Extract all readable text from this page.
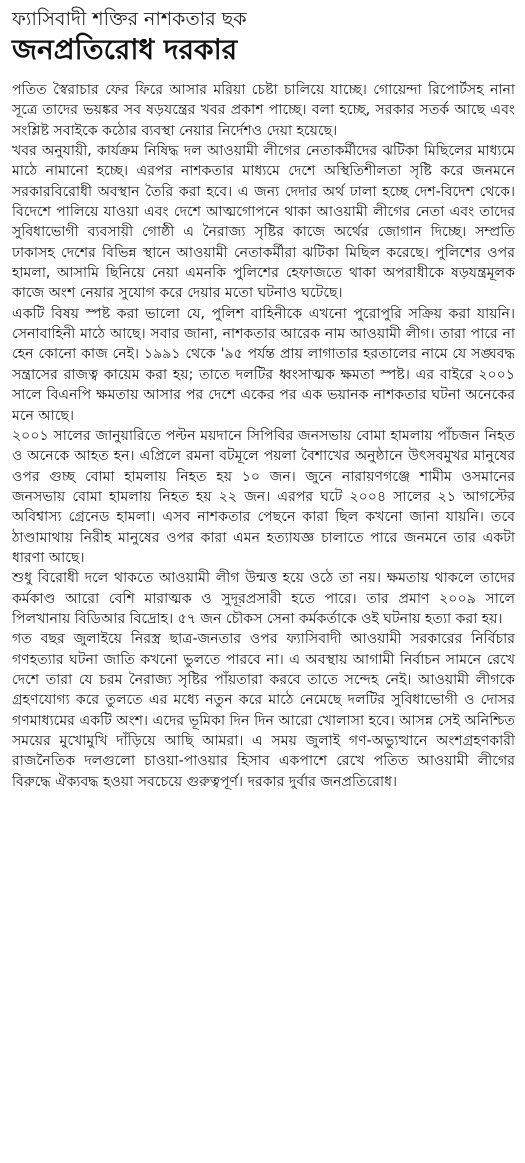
ফ্যাসিবাদী শক্তির নাশকতার ছক
জনপ্রতিরোধ দরকার

পতিত স্বৈরাচার ফের ফিরে আসার মরিয়া চেষ্টা চালিয়ে যাচ্ছে। গোয়েন্দা রিপোর্টসহ নানা সূত্রে তাদের ভয়ঙ্কর সব ষড়যন্ত্রের খবর প্রকাশ পাচ্ছে। বলা হচ্ছে, সরকার সতর্ক আছে এবং সংশ্লিষ্ট সবাইকে কঠোর ব্যবস্থা নেয়ার নির্দেশও দেয়া হয়েছে।

খবর অনুযায়ী, কার্যক্রম নিষিদ্ধ দল আওয়ামী লীগের নেতাকর্মীদের ঝটিকা মিছিলের মাধ্যমে মাঠে নামানো হচ্ছে। এরপর নাশকতার মাধ্যমে দেশে অস্থিতিশীলতা সৃষ্টি করে জনমনে সরকারবিরোধী অবস্থান তৈরি করা হবে। এ জন্য দেদার অর্থ ঢালা হচ্ছে দেশ-বিদেশ থেকে। বিদেশে পালিয়ে যাওয়া এবং দেশে আত্মগোপনে থাকা আওয়ামী লীগের নেতা এবং তাদের সুবিধাভোগী ব্যবসায়ী গোষ্ঠী এ নৈরাজ্য সৃষ্টির কাজে অর্থের জোগান দিচ্ছে। সম্প্রতি ঢাকাসহ দেশের বিভিন্ন স্থানে আওয়ামী নেতাকর্মীরা ঝটিকা মিছিল করেছে। পুলিশের ওপর হামলা, আসামি ছিনিয়ে নেয়া এমনকি পুলিশের হেফাজতে থাকা অপরাধীকে ষড়যন্ত্রমূলক কাজে অংশ নেয়ার সুযোগ করে দেয়ার মতো ঘটনাও ঘটেছে।

একটি বিষয় স্পষ্ট করা ভালো যে, পুলিশ বাহিনীকে এখনো পুরোপুরি সক্রিয় করা যায়নি। সেনাবাহিনী মাঠে আছে। সবার জানা, নাশকতার আরেক নাম আওয়ামী লীগ। তারা পারে না হেন কোনো কাজ নেই। ১৯৯১ থেকে '৯৫ পর্যন্ত প্রায় লাগাতার হরতালের নামে যে সঙ্ঘবদ্ধ সন্ত্রাসের রাজত্ব কায়েম করা হয়; তাতে দলটির ধ্বংসাত্মক ক্ষমতা স্পষ্ট। এর বাইরে ২০০১ সালে বিএনপি ক্ষমতায় আসার পর দেশে একের পর এক ভয়ানক নাশকতার ঘটনা অনেকের মনে আছে।

২০০১ সালের জানুয়ারিতে পল্টন ময়দানে সিপিবির জনসভায় বোমা হামলায় পাঁচজন নিহত ও অনেকে আহত হন। এপ্রিলে রমনা বটমূলে পয়লা বৈশাখের অনুষ্ঠানে উৎসবমুখর মানুষের ওপর গুচ্ছ বোমা হামলায় নিহত হয় ১০ জন। জুনে নারায়ণগঞ্জে শামীম ওসমানের জনসভায় বোমা হামলায় নিহত হয় ২২ জন। এরপর ঘটে ২০০৪ সালের ২১ আগস্টের অবিশ্বাস্য গ্রেনেড হামলা। এসব নাশকতার পেছনে কারা ছিল কখনো জানা যায়নি। তবে ঠাণ্ডামাথায় নিরীহ মানুষের ওপর কারা এমন হত্যাযজ্ঞ চালাতে পারে জনমনে তার একটা ধারণা আছে।

শুধু বিরোধী দলে থাকতে আওয়ামী লীগ উন্মত্ত হয়ে ওঠে তা নয়। ক্ষমতায় থাকলে তাদের কর্মকাণ্ড আরো বেশি মারাত্মক ও সুদূরপ্রসারী হতে পারে। তার প্রমাণ ২০০৯ সালে পিলখানায় বিডিআর বিদ্রোহ। ৫৭ জন চৌকস সেনা কর্মকর্তাকে ওই ঘটনায় হত্যা করা হয়।

গত বছর জুলাইয়ে নিরস্ত্র ছাত্র-জনতার ওপর ফ্যাসিবাদী আওয়ামী সরকারের নির্বিচার গণহত্যার ঘটনা জাতি কখনো ভুলতে পারবে না। এ অবস্থায় আগামী নির্বাচন সামনে রেখে দেশে তারা যে চরম নৈরাজ্য সৃষ্টির পাঁয়তারা করবে তাতে সন্দেহ নেই। আওয়ামী লীগকে গ্রহণযোগ্য করে তুলতে এর মধ্যে নতুন করে মাঠে নেমেছে দলটির সুবিধাভোগী ও দোসর গণমাধ্যমের একটি অংশ। এদের ভূমিকা দিন দিন আরো খোলাসা হবে। আসন্ন সেই অনিশ্চিত সময়ের মুখোমুখি দাঁড়িয়ে আছি আমরা। এ সময় জুলাই গণ-অভ্যুত্থানে অংশগ্রহণকারী রাজনৈতিক দলগুলো চাওয়া-পাওয়ার হিসাব একপাশে রেখে পতিত আওয়ামী লীগের বিরুদ্ধে ঐক্যবদ্ধ হওয়া সবচেয়ে গুরুত্বপূর্ণ। দরকার দুর্বার জনপ্রতিরোধ।
